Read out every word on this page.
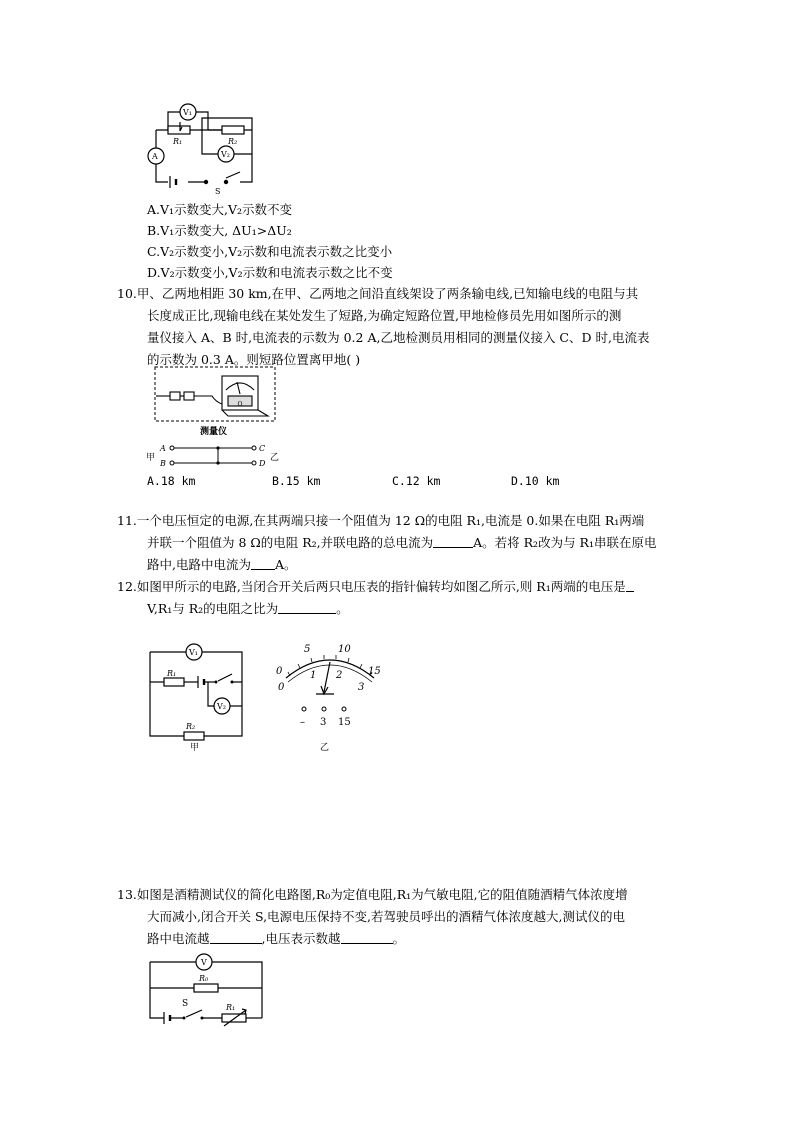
V₁
V₂
A
R₁	R₂
S
A.V₁示数变大,V₂示数不变
B.V₁示数变大, ΔU₁>ΔU₂
C.V₂示数变小,V₂示数和电流表示数之比变小
D.V₂示数变小,V₂示数和电流表示数之比不变
10.甲、乙两地相距 30 km,在甲、乙两地之间沿直线架设了两条输电线,已知输电线的电阻与其
长度成正比,现输电线在某处发生了短路,为确定短路位置,甲地检修员先用如图所示的测
量仪接入 A、B 时,电流表的示数为 0.2 A,乙地检测员用相同的测量仪接入 C、D 时,电流表
的示数为 0.3 A。则短路位置离甲地( )
Ω
测量仪
甲
A
B
C
D
乙
A.18 km	B.15 km	C.12 km	D.10 km
11.一个电压恒定的电源,在其两端只接一个阻值为 12 Ω的电阻 R₁,电流是 0.如果在电阻 R₁两端
并联一个阻值为 8 Ω的电阻 R₂,并联电路的总电流为	A。若将 R₂改为与 R₁串联在原电
路中,电路中电流为 A。
12.如图甲所示的电路,当闭合开关后两只电压表的指针偏转均如图乙所示,则 R₁两端的电压是
V,R₁与 R₂的电阻之比为	。
V₁
V₂
R₁
R₂
甲
0
1 2
3
0
5	10
15
– 3 15
乙
13.如图是酒精测试仪的简化电路图,R₀为定值电阻,R₁为气敏电阻,它的阻值随酒精气体浓度增
大而减小,闭合开关 S,电源电压保持不变,若驾驶员呼出的酒精气体浓度越大,测试仪的电
路中电流越	,电压表示数越	。
V
R₀
S	R₁
